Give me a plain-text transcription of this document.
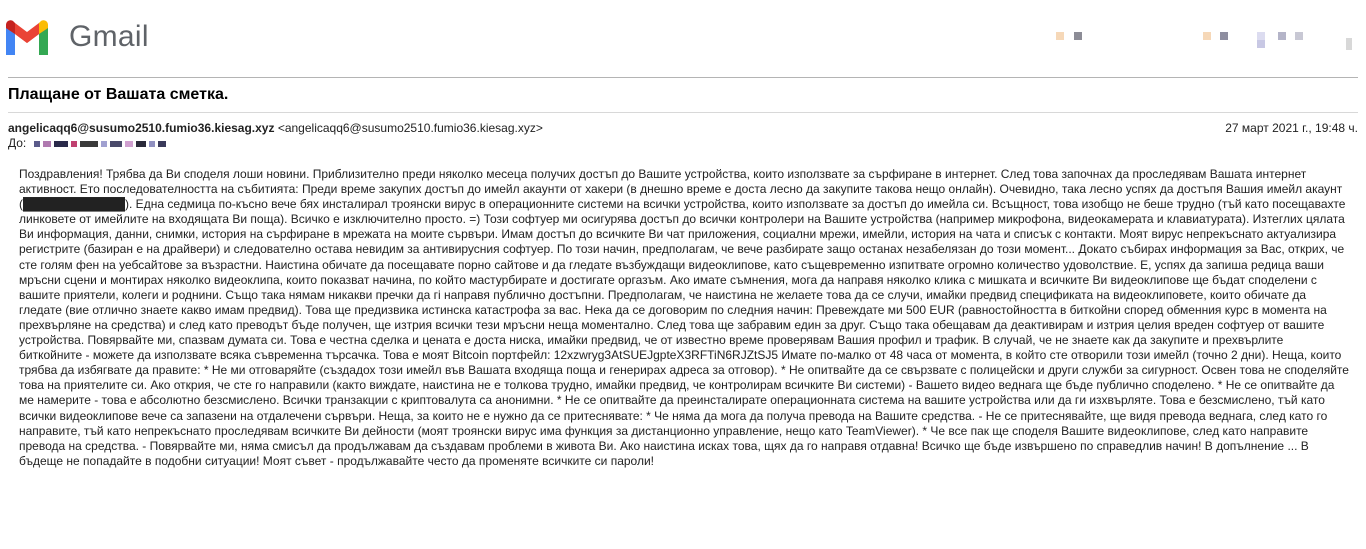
Gmail
Плащане от Вашата сметка.
angelicaqq6@susumo2510.fumio36.kiesag.xyz <angelicaqq6@susumo2510.fumio36.kiesag.xyz>	27 март 2021 г., 19:48 ч.
До:
Поздравления! Трябва да Ви споделя лоши новини. Приблизително преди няколко месеца получих достъп до Вашите устройства, които използвате за сърфиране в интернет. След това започнах да проследявам Вашата интернет активност. Ето последователността на събитията: Преди време закупих достъп до имейл акаунти от хакери (в днешно време е доста лесно да закупите такова нещо онлайн). Очевидно, така лесно успях да достъпя Вашия имейл акаунт (████████████). Една седмица по-късно вече бях инсталирал троянски вирус в операционните системи на всички устройства, които използвате за достъп до имейла си. Всъщност, това изобщо не беше трудно (тъй като посещавахте линковете от имейлите на входящата Ви поща). Всичко е изключително просто. =) Този софтуер ми осигурява достъп до всички контролери на Вашите устройства (например микрофона, видеокамерата и клавиатурата). Изтеглих цялата Ви информация, данни, снимки, история на сърфиране в мрежата на моите сървъри. Имам достъп до всичките Ви чат приложения, социални мрежи, имейли, история на чата и списък с контакти. Моят вирус непрекъснато актуализира регистрите (базиран е на драйвери) и следователно остава невидим за антивирусния софтуер. По този начин, предполагам, че вече разбирате защо останах незабелязан до този момент... Докато събирах информация за Вас, открих, че сте голям фен на уебсайтове за възрастни. Наистина обичате да посещавате порно сайтове и да гледате възбуждащи видеоклипове, като същевременно изпитвате огромно количество удоволствие. Е, успях да запиша редица ваши мръсни сцени и монтирах няколко видеоклипа, които показват начина, по който мастурбирате и достигате оргазъм. Ако имате съмнения, мога да направя няколко клика с мишката и всичките Ви видеоклипове ще бъдат споделени с вашите приятели, колеги и роднини. Също така нямам никакви пречки да гi направя публично достъпни. Предполагам, че наистина не желаете това да се случи, имайки предвид спецификата на видеоклиповете, които обичате да гледате (вие отлично знаете какво имам предвид). Това ще предизвика истинска катастрофа за вас. Нека да се договорим по следния начин: Превеждате ми 500 EUR (равностойността в биткойни според обменния курс в момента на прехвърляне на средства) и след като преводът бъде получен, ще изтрия всички тези мръсни неща моментално. След това ще забравим един за друг. Също така обещавам да деактивирам и изтрия целия вреден софтуер от вашите устройства. Повярвайте ми, спазвам думата си. Това е честна сделка и цената е доста ниска, имайки предвид, че от известно време проверявам Вашия профил и трафик. В случай, че не знаете как да закупите и прехвърлите биткойните - можете да използвате всяка съвременна търсачка. Това е моят Bitcoin портфейл: 12xzwryg3AtSUEJgpteX3RFTiN6RJZtSJ5 Имате по-малко от 48 часа от момента, в който сте отворили този имейл (точно 2 дни). Неща, които трябва да избягвате да правите: * Не ми отговаряйте (създадох този имейл във Вашата входяща поща и генерирах адреса за отговор). * Не опитвайте да се свързвате с полицейски и други служби за сигурност. Освен това не споделяйте това на приятелите си. Ако открия, че сте го направили (както виждате, наистина не е толкова трудно, имайки предвид, че контролирам всичките Ви системи) - Вашето видео веднага ще бъде публично споделено. * Не се опитвайте да ме намерите - това е абсолютно безсмислено. Всички транзакции с криптовалута са анонимни. * Не се опитвайте да преинсталирате операционната система на вашите устройства или да ги изхвърляте. Това е безсмислено, тъй като всички видеоклипове вече са запазени на отдалечени сървъри. Неща, за които не е нужно да се притеснявате: * Че няма да мога да получа превода на Вашите средства. - Не се притеснявайте, ще видя превода веднага, след като го направите, тъй като непрекъснато проследявам всичките Ви дейности (моят троянски вирус има функция за дистанционно управление, нещо като TeamViewer). * Че все пак ще споделя Вашите видеоклипове, след като направите превода на средства. - Повярвайте ми, няма смисъл да продължавам да създавам проблеми в живота Ви. Ако наистина исках това, щях да го направя отдавна! Всичко ще бъде извършено по справедлив начин! В допълнение ... В бъдеще не попадайте в подобни ситуации! Моят съвет - продължавайте често да променяте всичките си пароли!
